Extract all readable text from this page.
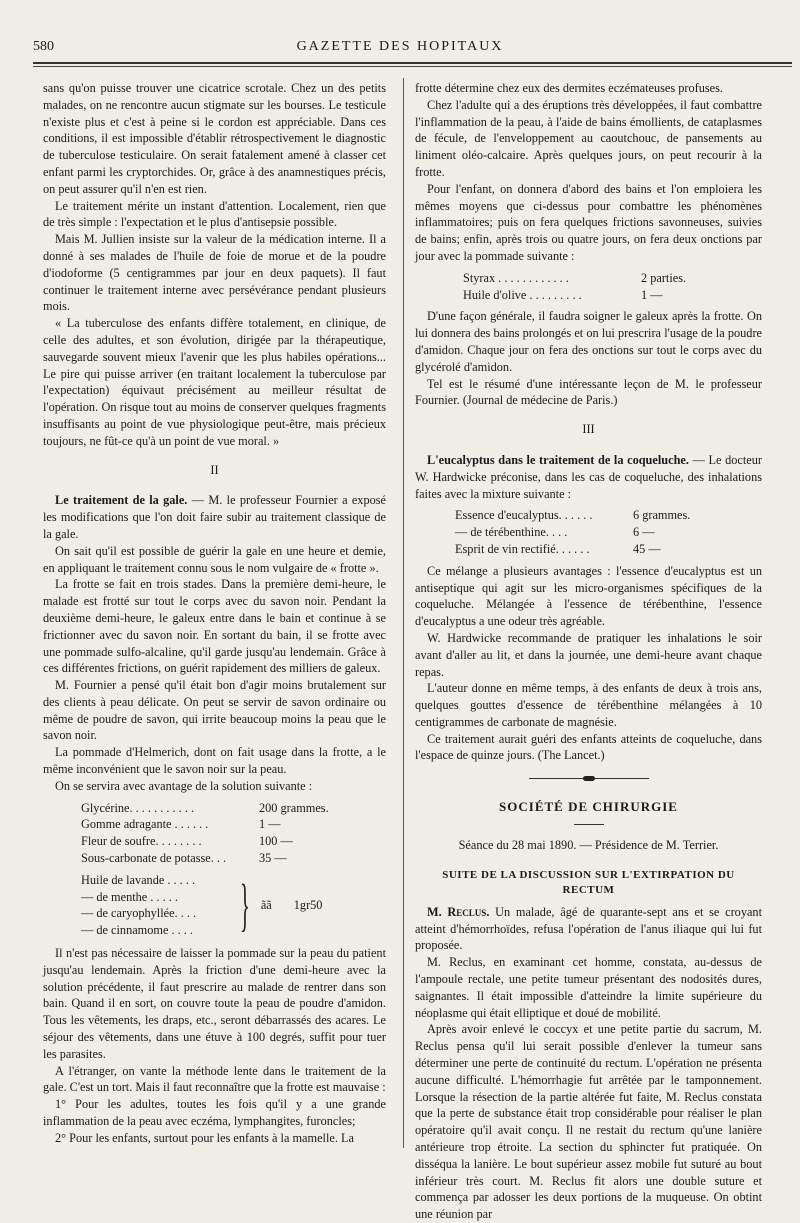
580	GAZETTE DES HOPITAUX

sans qu'on puisse trouver une cicatrice scrotale. Chez un des petits malades, on ne rencontre aucun stigmate sur les bourses. Le testicule n'existe plus et c'est à peine si le cordon est appréciable. Dans ces conditions, il est impossible d'établir rétrospectivement le diagnostic de tuberculose testiculaire. On serait fatalement amené à classer cet enfant parmi les cryptorchides. Or, grâce à des anamnestiques précis, on peut assurer qu'il n'en est rien.

Le traitement mérite un instant d'attention. Localement, rien que de très simple : l'expectation et le plus d'antisepsie possible.

Mais M. Jullien insiste sur la valeur de la médication interne. Il a donné à ses malades de l'huile de foie de morue et de la poudre d'iodoforme (5 centigrammes par jour en deux paquets). Il faut continuer le traitement interne avec persévérance pendant plusieurs mois.

« La tuberculose des enfants diffère totalement, en clinique, de celle des adultes, et son évolution, dirigée par la thérapeutique, sauvegarde souvent mieux l'avenir que les plus habiles opérations... Le pire qui puisse arriver (en traitant localement la tuberculose par l'expectation) équivaut précisément au meilleur résultat de l'opération. On risque tout au moins de conserver quelques fragments insuffisants au point de vue physiologique peut-être, mais précieux toujours, ne fût-ce qu'à un point de vue moral. »

II

Le traitement de la gale. — M. le professeur Fournier a exposé les modifications que l'on doit faire subir au traitement classique de la gale.

On sait qu'il est possible de guérir la gale en une heure et demie, en appliquant le traitement connu sous le nom vulgaire de « frotte ».

La frotte se fait en trois stades. Dans la première demi-heure, le malade est frotté sur tout le corps avec du savon noir. Pendant la deuxième demi-heure, le galeux entre dans le bain et continue à se frictionner avec du savon noir. En sortant du bain, il se frotte avec une pommade sulfo-alcaline, qu'il garde jusqu'au lendemain. Grâce à ces différentes frictions, on guérit rapidement des milliers de galeux.

M. Fournier a pensé qu'il était bon d'agir moins brutalement sur des clients à peau délicate. On peut se servir de savon ordinaire ou même de poudre de savon, qui irrite beaucoup moins la peau que le savon noir.

La pommade d'Helmerich, dont on fait usage dans la frotte, a le même inconvénient que le savon noir sur la peau.

On se servira avec avantage de la solution suivante :

Glycérine. . . . . . . . . . .	200 grammes.
Gomme adragante . . . . . .	1 —
Fleur de soufre. . . . . . . .	100 —
Sous-carbonate de potasse. . .	35 —
Huile de lavande . . . . .
— de menthe . . . . .
— de caryophyllée. . . .
— de cinnamome . . . . } ãã 1gr50

Il n'est pas nécessaire de laisser la pommade sur la peau du patient jusqu'au lendemain. Après la friction d'une demi-heure avec la solution précédente, il faut prescrire au malade de rentrer dans son bain. Quand il en sort, on couvre toute la peau de poudre d'amidon. Tous les vêtements, les draps, etc., seront débarrassés des acares. Le séjour des vêtements, dans une étuve à 100 degrés, suffit pour tuer les parasites.

A l'étranger, on vante la méthode lente dans le traitement de la gale. C'est un tort. Mais il faut reconnaître que la frotte est mauvaise :

1° Pour les adultes, toutes les fois qu'il y a une grande inflammation de la peau avec eczéma, lymphangites, furoncles;

2° Pour les enfants, surtout pour les enfants à la mamelle. La

frotte détermine chez eux des dermites eczémateuses profuses.

Chez l'adulte qui a des éruptions très développées, il faut combattre l'inflammation de la peau, à l'aide de bains émollients, de cataplasmes de fécule, de l'enveloppement au caoutchouc, de pansements au liniment oléo-calcaire. Après quelques jours, on peut recourir à la frotte.

Pour l'enfant, on donnera d'abord des bains et l'on emploiera les mêmes moyens que ci-dessus pour combattre les phénomènes inflammatoires; puis on fera quelques frictions savonneuses, suivies de bains; enfin, après trois ou quatre jours, on fera deux onctions par jour avec la pommade suivante :

Styrax . . . . . . . . . . . .	2 parties.
Huile d'olive . . . . . . . . .	1 —

D'une façon générale, il faudra soigner le galeux après la frotte. On lui donnera des bains prolongés et on lui prescrira l'usage de la poudre d'amidon. Chaque jour on fera des onctions sur tout le corps avec du glycérolé d'amidon.

Tel est le résumé d'une intéressante leçon de M. le professeur Fournier. (Journal de médecine de Paris.)

III

L'eucalyptus dans le traitement de la coqueluche. — Le docteur W. Hardwicke préconise, dans les cas de coqueluche, des inhalations faites avec la mixture suivante :

Essence d'eucalyptus. . . . . .	6 grammes.
— de térébenthine. . . .	6 —
Esprit de vin rectifié. . . . . .	45 —

Ce mélange a plusieurs avantages : l'essence d'eucalyptus est un antiseptique qui agit sur les micro-organismes spécifiques de la coqueluche. Mélangée à l'essence de térébenthine, l'essence d'eucalyptus a une odeur très agréable.

W. Hardwicke recommande de pratiquer les inhalations le soir avant d'aller au lit, et dans la journée, une demi-heure avant chaque repas.

L'auteur donne en même temps, à des enfants de deux à trois ans, quelques gouttes d'essence de térébenthine mélangées à 10 centigrammes de carbonate de magnésie.

Ce traitement aurait guéri des enfants atteints de coqueluche, dans l'espace de quinze jours. (The Lancet.)

SOCIÉTÉ DE CHIRURGIE
Séance du 28 mai 1890. — Présidence de M. Terrier.
SUITE DE LA DISCUSSION SUR L'EXTIRPATION DU RECTUM

M. Reclus. Un malade, âgé de quarante-sept ans et se croyant atteint d'hémorrhoïdes, refusa l'opération de l'anus iliaque qui lui fut proposée.

M. Reclus, en examinant cet homme, constata, au-dessus de l'ampoule rectale, une petite tumeur présentant des nodosités dures, saignantes. Il était impossible d'atteindre la limite supérieure du néoplasme qui était elliptique et doué de mobilité.

Après avoir enlevé le coccyx et une petite partie du sacrum, M. Reclus pensa qu'il lui serait possible d'enlever la tumeur sans déterminer une perte de continuité du rectum. L'opération ne présenta aucune difficulté. L'hémorrhagie fut arrêtée par le tamponnement. Lorsque la résection de la partie altérée fut faite, M. Reclus constata que la perte de substance était trop considérable pour réaliser le plan opératoire qu'il avait conçu. Il ne restait du rectum qu'une lanière antérieure trop étroite. La section du sphincter fut pratiquée. On disséqua la lanière. Le bout supérieur assez mobile fut suturé au bout inférieur très court. M. Reclus fit alors une double suture et commença par adosser les deux portions de la muqueuse. On obtint une réunion par
